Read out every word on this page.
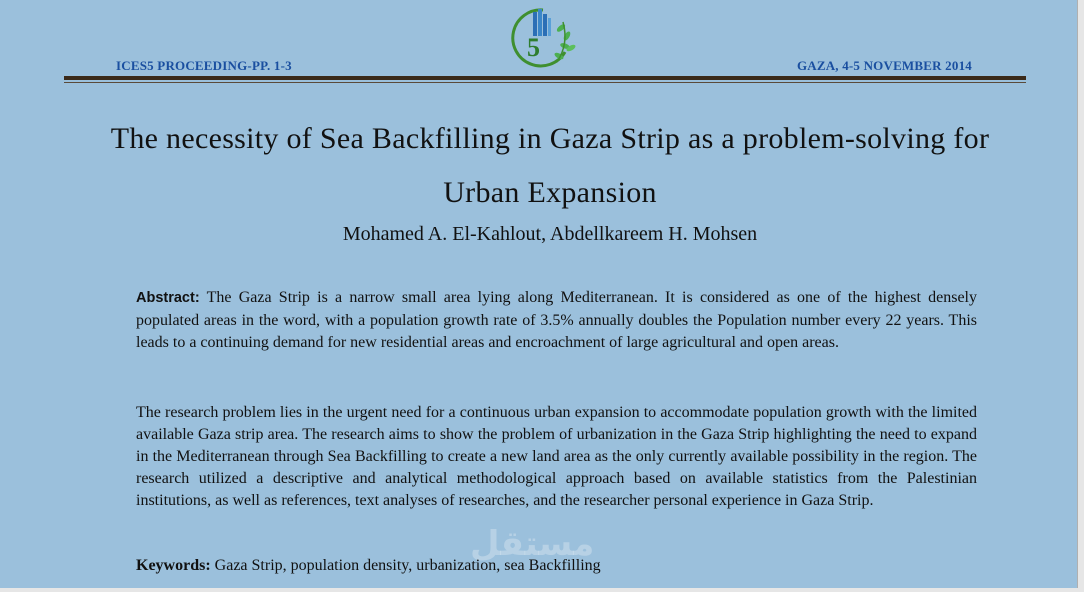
ICES5 PROCEEDING-PP. 1-3
5
GAZA, 4-5 NOVEMBER 2014
The necessity of Sea Backfilling in Gaza Strip as a problem-solving for Urban Expansion
Mohamed A. El-Kahlout, Abdellkareem H. Mohsen
Abstract: The Gaza Strip is a narrow small area lying along Mediterranean. It is considered as one of the highest densely populated areas in the word, with a population growth rate of 3.5% annually doubles the Population number every 22 years. This leads to a continuing demand for new residential areas and encroachment of large agricultural and open areas.
The research problem lies in the urgent need for a continuous urban expansion to accommodate population growth with the limited available Gaza strip area. The research aims to show the problem of urbanization in the Gaza Strip highlighting the need to expand in the Mediterranean through Sea Backfilling to create a new land area as the only currently available possibility in the region. The research utilized a descriptive and analytical methodological approach based on available statistics from the Palestinian institutions, as well as references, text analyses of researches, and the researcher personal experience in Gaza Strip.
مستقل
Keywords: Gaza Strip, population density, urbanization, sea Backfilling
